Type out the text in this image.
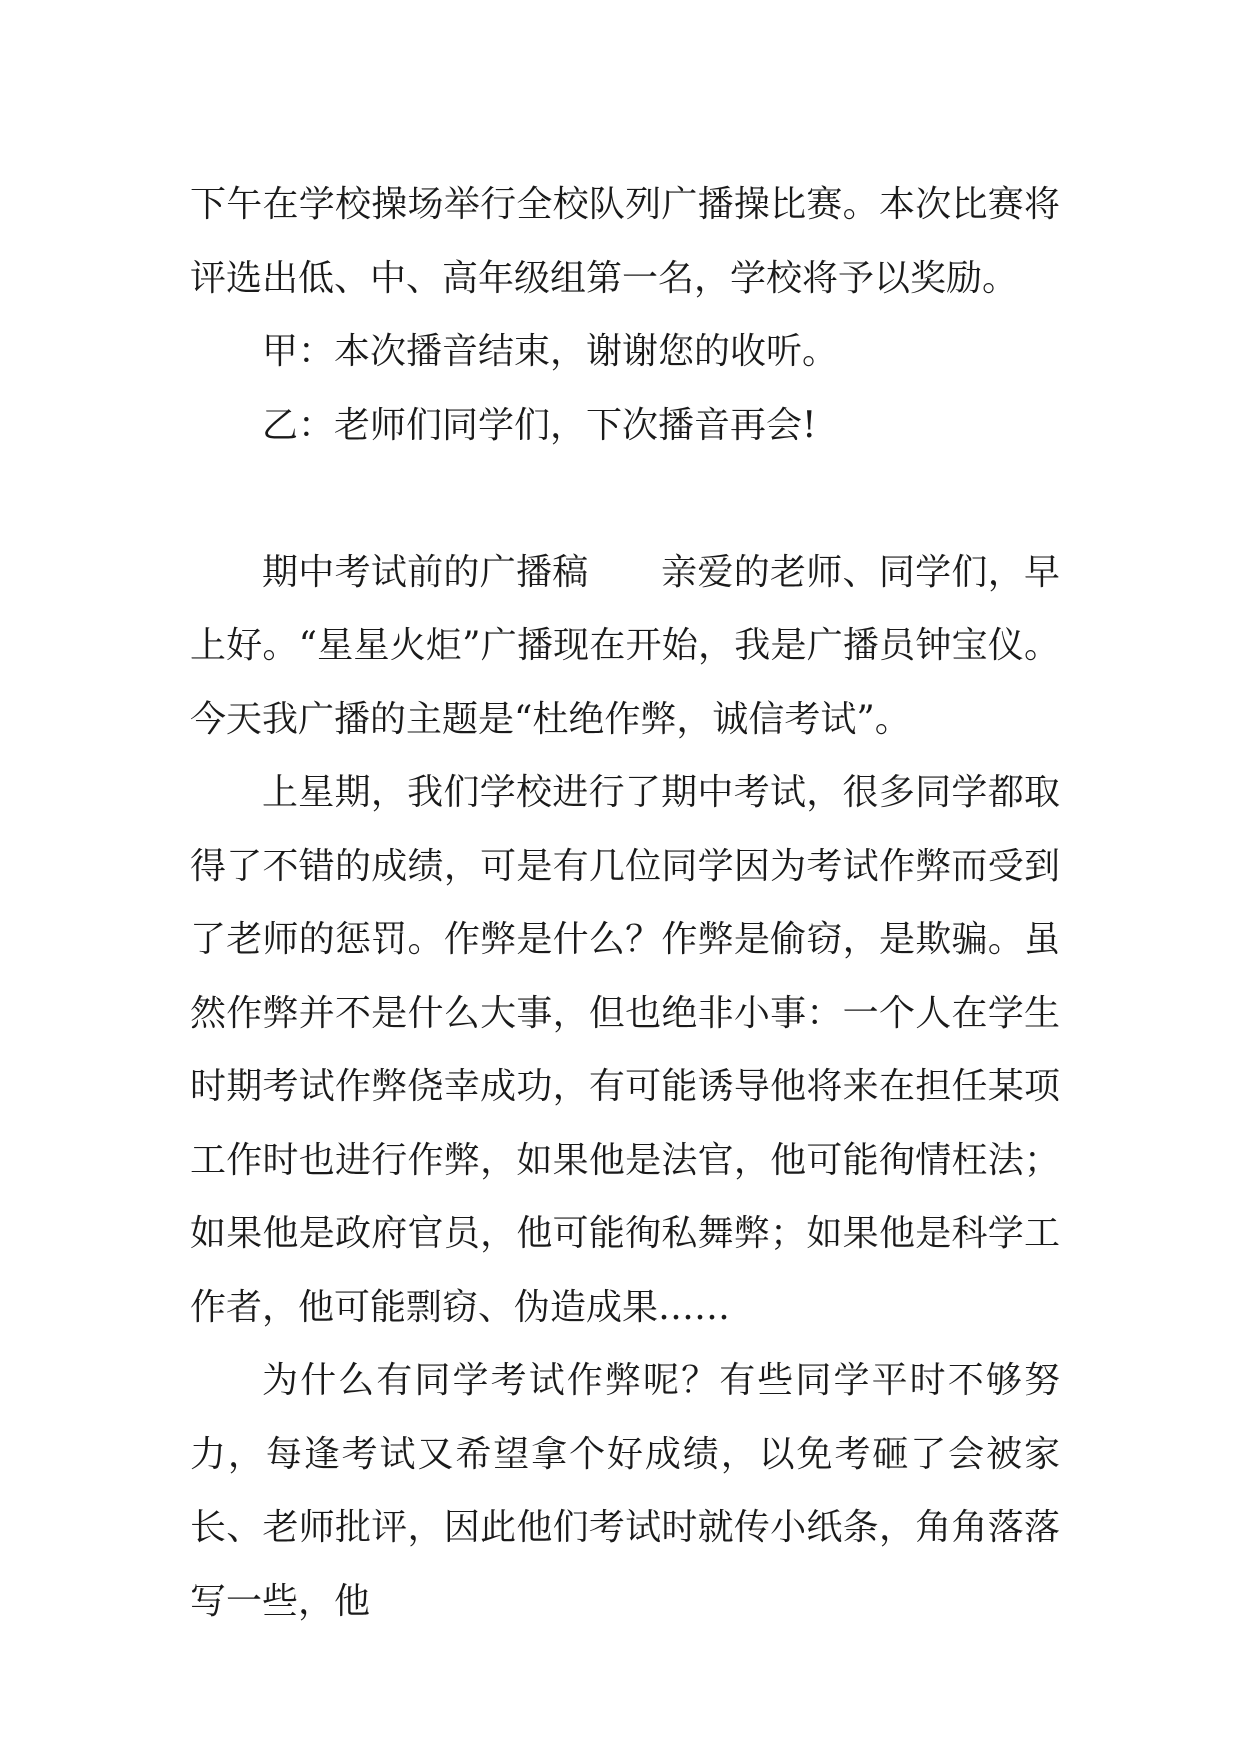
下午在学校操场举行全校队列广播操比赛。本次比赛将评选出低、中、高年级组第一名，学校将予以奖励。

甲：本次播音结束，谢谢您的收听。

乙：老师们同学们，下次播音再会!

期中考试前的广播稿　　亲爱的老师、同学们，早上好。“星星火炬”广播现在开始，我是广播员钟宝仪。今天我广播的主题是“杜绝作弊，诚信考试”。

上星期，我们学校进行了期中考试，很多同学都取得了不错的成绩，可是有几位同学因为考试作弊而受到了老师的惩罚。作弊是什么？作弊是偷窃，是欺骗。虽然作弊并不是什么大事，但也绝非小事：一个人在学生时期考试作弊侥幸成功，有可能诱导他将来在担任某项工作时也进行作弊，如果他是法官，他可能徇情枉法；如果他是政府官员，他可能徇私舞弊；如果他是科学工作者，他可能剽窃、伪造成果……

为什么有同学考试作弊呢？有些同学平时不够努力，每逢考试又希望拿个好成绩，以免考砸了会被家长、老师批评，因此他们考试时就传小纸条，角角落落写一些，他
